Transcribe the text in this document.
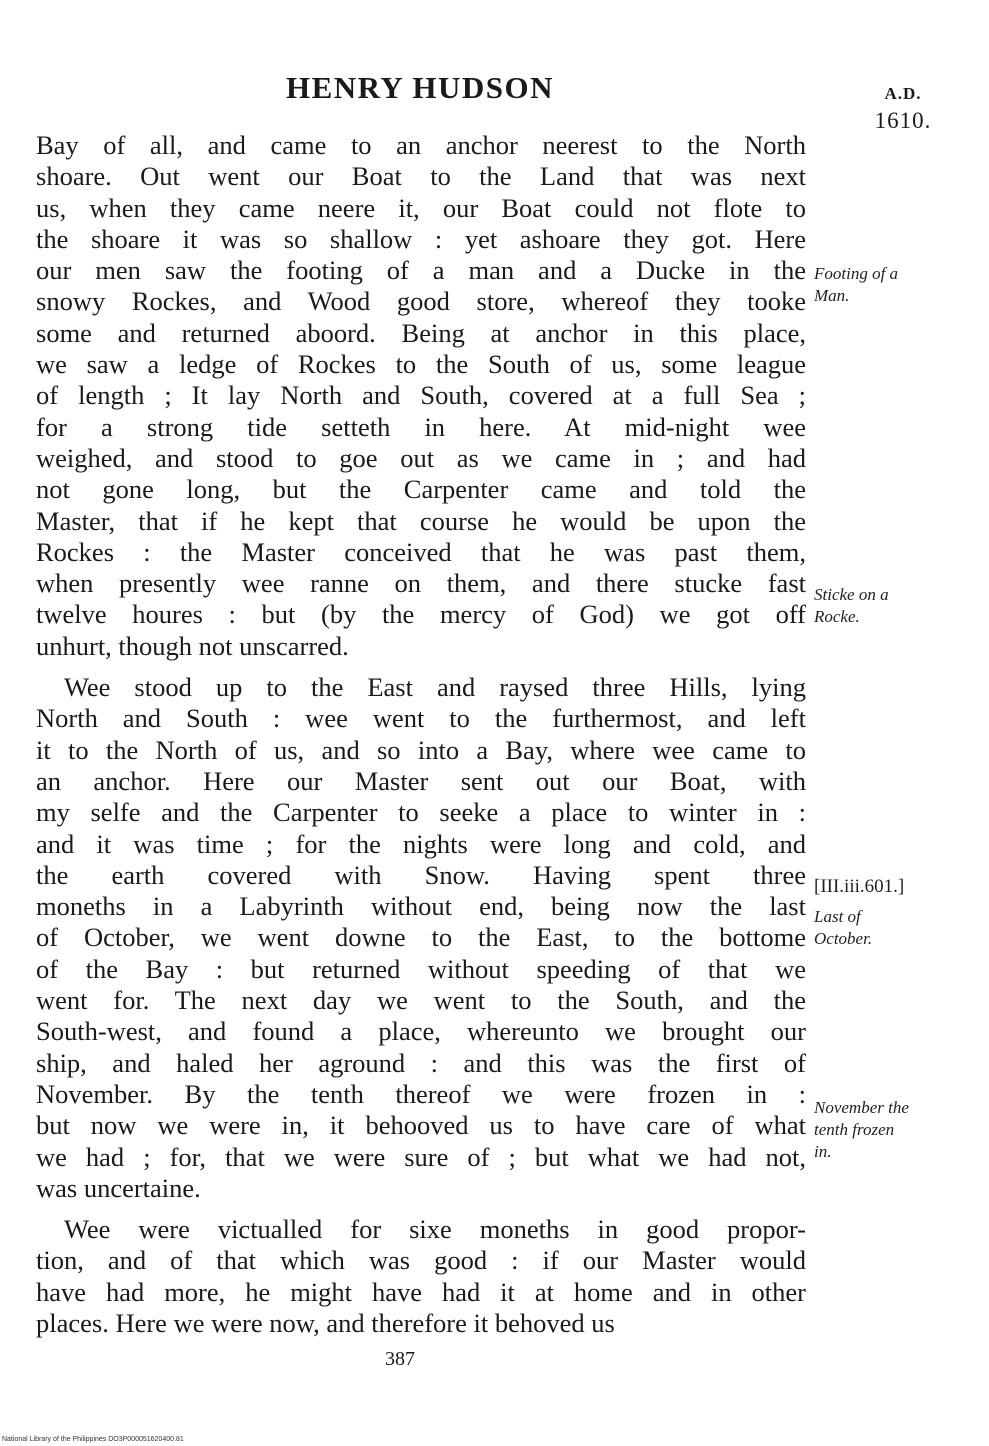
HENRY HUDSON	A.D.
1610.
Bay of all, and came to an anchor neerest to the North
shoare. Out went our Boat to the Land that was next
us, when they came neere it, our Boat could not flote to
the shoare it was so shallow : yet ashoare they got. Here
our men saw the footing of a man and a Ducke in the
snowy Rockes, and Wood good store, whereof they tooke
some and returned aboord. Being at anchor in this place,
we saw a ledge of Rockes to the South of us, some league
of length ; It lay North and South, covered at a full Sea ;
for a strong tide setteth in here. At mid-night wee
weighed, and stood to goe out as we came in ; and had
not gone long, but the Carpenter came and told the
Master, that if he kept that course he would be upon the
Rockes : the Master conceived that he was past them,
when presently wee ranne on them, and there stucke fast
twelve houres : but (by the mercy of God) we got off
unhurt, though not unscarred.
Wee stood up to the East and raysed three Hills, lying
North and South : wee went to the furthermost, and left
it to the North of us, and so into a Bay, where wee came to
an anchor. Here our Master sent out our Boat, with
my selfe and the Carpenter to seeke a place to winter in :
and it was time ; for the nights were long and cold, and
the earth covered with Snow. Having spent three
moneths in a Labyrinth without end, being now the last
of October, we went downe to the East, to the bottome
of the Bay : but returned without speeding of that we
went for. The next day we went to the South, and the
South-west, and found a place, whereunto we brought our
ship, and haled her aground : and this was the first of
November. By the tenth thereof we were frozen in :
but now we were in, it behooved us to have care of what
we had ; for, that we were sure of ; but what we had not,
was uncertaine.
Wee were victualled for sixe moneths in good propor-
tion, and of that which was good : if our Master would
have had more, he might have had it at home and in other
places. Here we were now, and therefore it behoved us
Footing of a
Man.
Sticke on a
Rocke.
[III.iii.601.]
Last of
October.
November the
tenth frozen
in.
387
National Library of the Philippines DO3P000051620400.81
